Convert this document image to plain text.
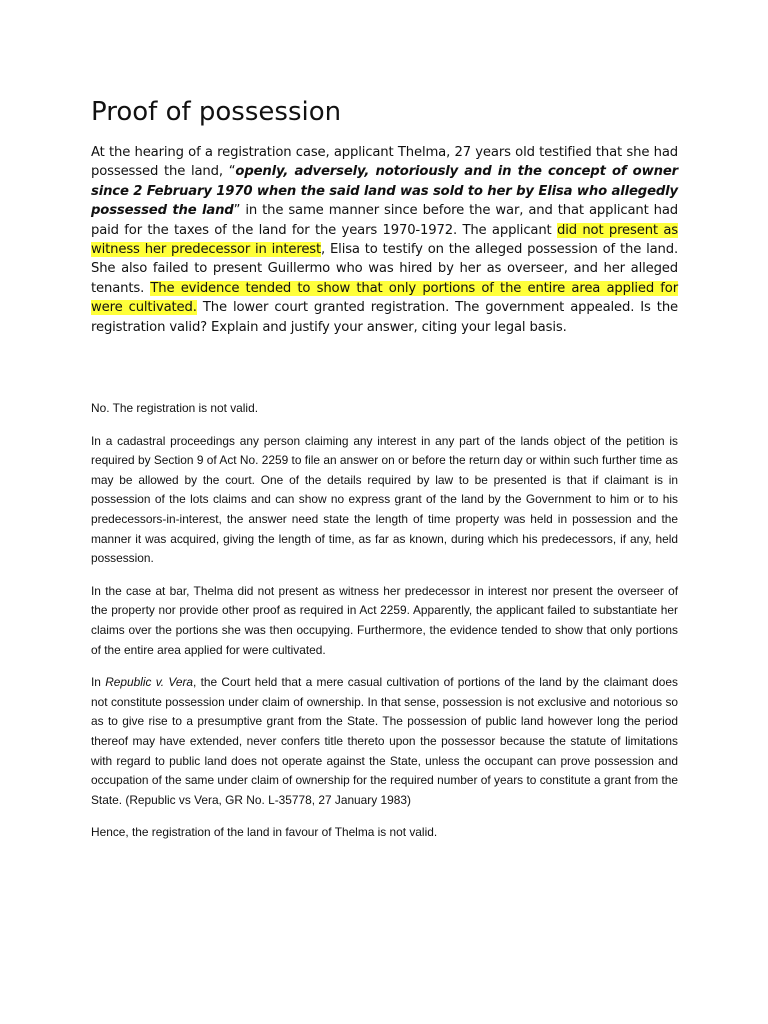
Proof of possession

At the hearing of a registration case, applicant Thelma, 27 years old testified that she had possessed the land, “openly, adversely, notoriously and in the concept of owner since 2 February 1970 when the said land was sold to her by Elisa who allegedly possessed the land” in the same manner since before the war, and that applicant had paid for the taxes of the land for the years 1970-1972. The applicant did not present as witness her predecessor in interest, Elisa to testify on the alleged possession of the land. She also failed to present Guillermo who was hired by her as overseer, and her alleged tenants. The evidence tended to show that only portions of the entire area applied for were cultivated. The lower court granted registration. The government appealed. Is the registration valid? Explain and justify your answer, citing your legal basis.

No. The registration is not valid.

In a cadastral proceedings any person claiming any interest in any part of the lands object of the petition is required by Section 9 of Act No. 2259 to file an answer on or before the return day or within such further time as may be allowed by the court. One of the details required by law to be presented is that if claimant is in possession of the lots claims and can show no express grant of the land by the Government to him or to his predecessors-in-interest, the answer need state the length of time property was held in possession and the manner it was acquired, giving the length of time, as far as known, during which his predecessors, if any, held possession.

In the case at bar, Thelma did not present as witness her predecessor in interest nor present the overseer of the property nor provide other proof as required in Act 2259. Apparently, the applicant failed to substantiate her claims over the portions she was then occupying. Furthermore, the evidence tended to show that only portions of the entire area applied for were cultivated.

In Republic v. Vera, the Court held that a mere casual cultivation of portions of the land by the claimant does not constitute possession under claim of ownership. In that sense, possession is not exclusive and notorious so as to give rise to a presumptive grant from the State. The possession of public land however long the period thereof may have extended, never confers title thereto upon the possessor because the statute of limitations with regard to public land does not operate against the State, unless the occupant can prove possession and occupation of the same under claim of ownership for the required number of years to constitute a grant from the State. (Republic vs Vera, GR No. L-35778, 27 January 1983)

Hence, the registration of the land in favour of Thelma is not valid.
